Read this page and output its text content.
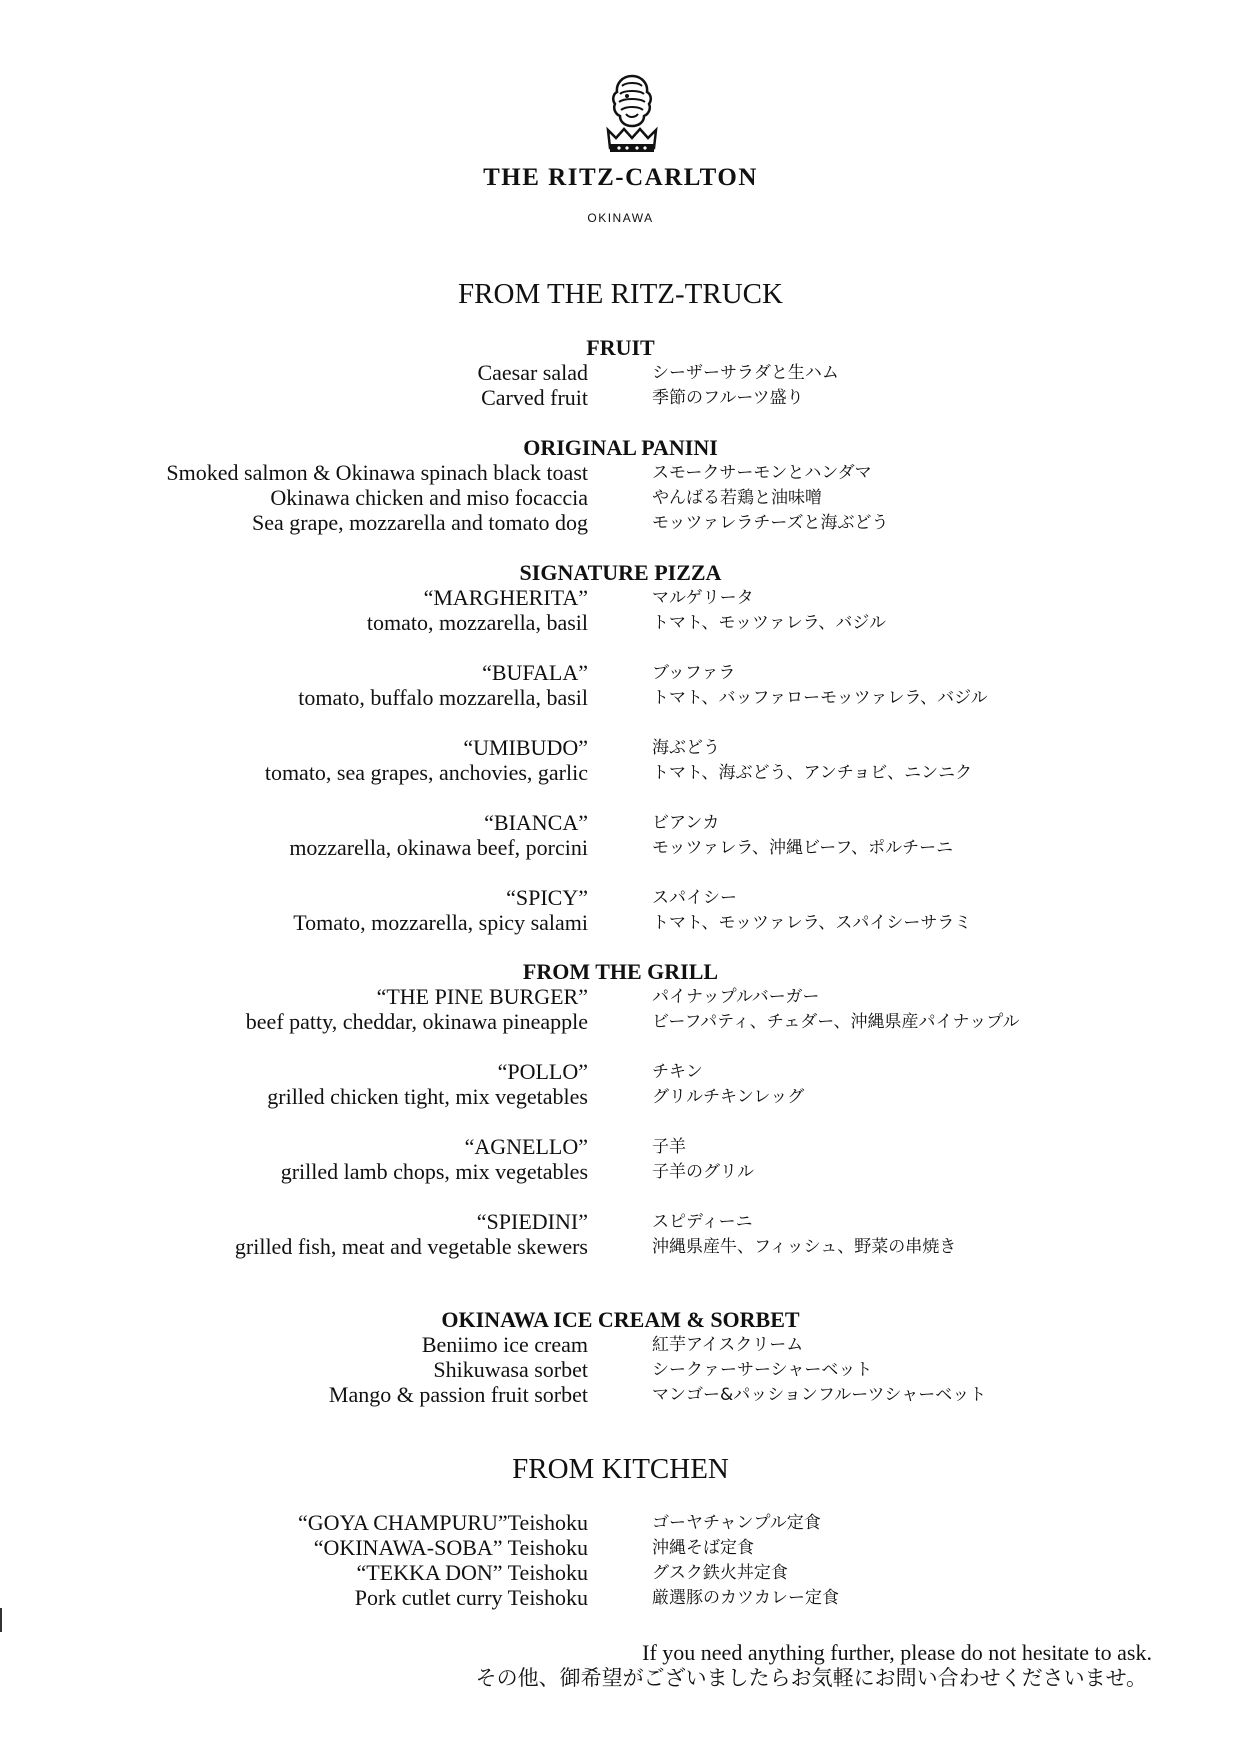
THE RITZ-CARLTON
OKINAWA
FROM THE RITZ-TRUCK
FRUIT
Caesar salad	シーザーサラダと生ハム
Carved fruit	季節のフルーツ盛り
ORIGINAL PANINI
Smoked salmon & Okinawa spinach black toast	スモークサーモンとハンダマ
Okinawa chicken and miso focaccia	やんばる若鶏と油味噌
Sea grape, mozzarella and tomato dog	モッツァレラチーズと海ぶどう
SIGNATURE PIZZA
“MARGHERITA”	マルゲリータ
tomato, mozzarella, basil	トマト、モッツァレラ、バジル
“BUFALA”	ブッファラ
tomato, buffalo mozzarella, basil	トマト、バッファローモッツァレラ、バジル
“UMIBUDO”	海ぶどう
tomato, sea grapes, anchovies, garlic	トマト、海ぶどう、アンチョビ、ニンニク
“BIANCA”	ビアンカ
mozzarella, okinawa beef, porcini	モッツァレラ、沖縄ビーフ、ポルチーニ
“SPICY”	スパイシー
Tomato, mozzarella, spicy salami	トマト、モッツァレラ、スパイシーサラミ
FROM THE GRILL
“THE PINE BURGER”	パイナップルバーガー
beef patty, cheddar, okinawa pineapple	ビーフパティ、チェダー、沖縄県産パイナップル
“POLLO”	チキン
grilled chicken tight, mix vegetables	グリルチキンレッグ
“AGNELLO”	子羊
grilled lamb chops, mix vegetables	子羊のグリル
“SPIEDINI”	スピディーニ
grilled fish, meat and vegetable skewers	沖縄県産牛、フィッシュ、野菜の串焼き
OKINAWA ICE CREAM & SORBET
Beniimo ice cream	紅芋アイスクリーム
Shikuwasa sorbet	シークァーサーシャーベット
Mango & passion fruit sorbet	マンゴー&パッションフルーツシャーベット
FROM KITCHEN
“GOYA CHAMPURU”Teishoku	ゴーヤチャンプル定食
“OKINAWA-SOBA” Teishoku	沖縄そば定食
“TEKKA DON” Teishoku	グスク鉄火丼定食
Pork cutlet curry Teishoku	厳選豚のカツカレー定食
If you need anything further, please do not hesitate to ask.
その他、御希望がございましたらお気軽にお問い合わせくださいませ。
